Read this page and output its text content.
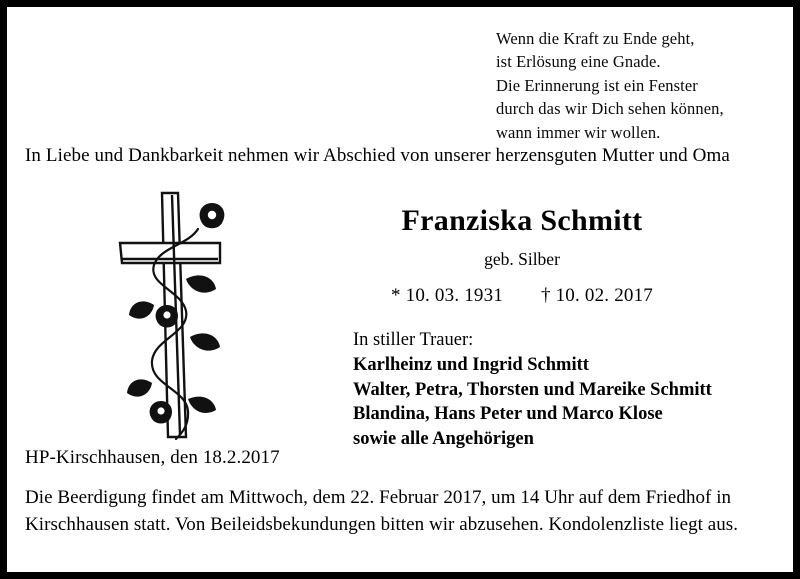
Wenn die Kraft zu Ende geht,
ist Erlösung eine Gnade.
Die Erinnerung ist ein Fenster
durch das wir Dich sehen können,
wann immer wir wollen.
In Liebe und Dankbarkeit nehmen wir Abschied von unserer herzensguten Mutter und Oma
Franziska Schmitt
geb. Silber
* 10. 03. 1931 † 10. 02. 2017
In stiller Trauer:
Karlheinz und Ingrid Schmitt
Walter, Petra, Thorsten und Mareike Schmitt
Blandina, Hans Peter und Marco Klose
sowie alle Angehörigen
HP-Kirschhausen, den 18.2.2017
Die Beerdigung findet am Mittwoch, dem 22. Februar 2017, um 14 Uhr auf dem Friedhof in Kirschhausen statt. Von Beileidsbekundungen bitten wir abzusehen. Kondolenzliste liegt aus.
